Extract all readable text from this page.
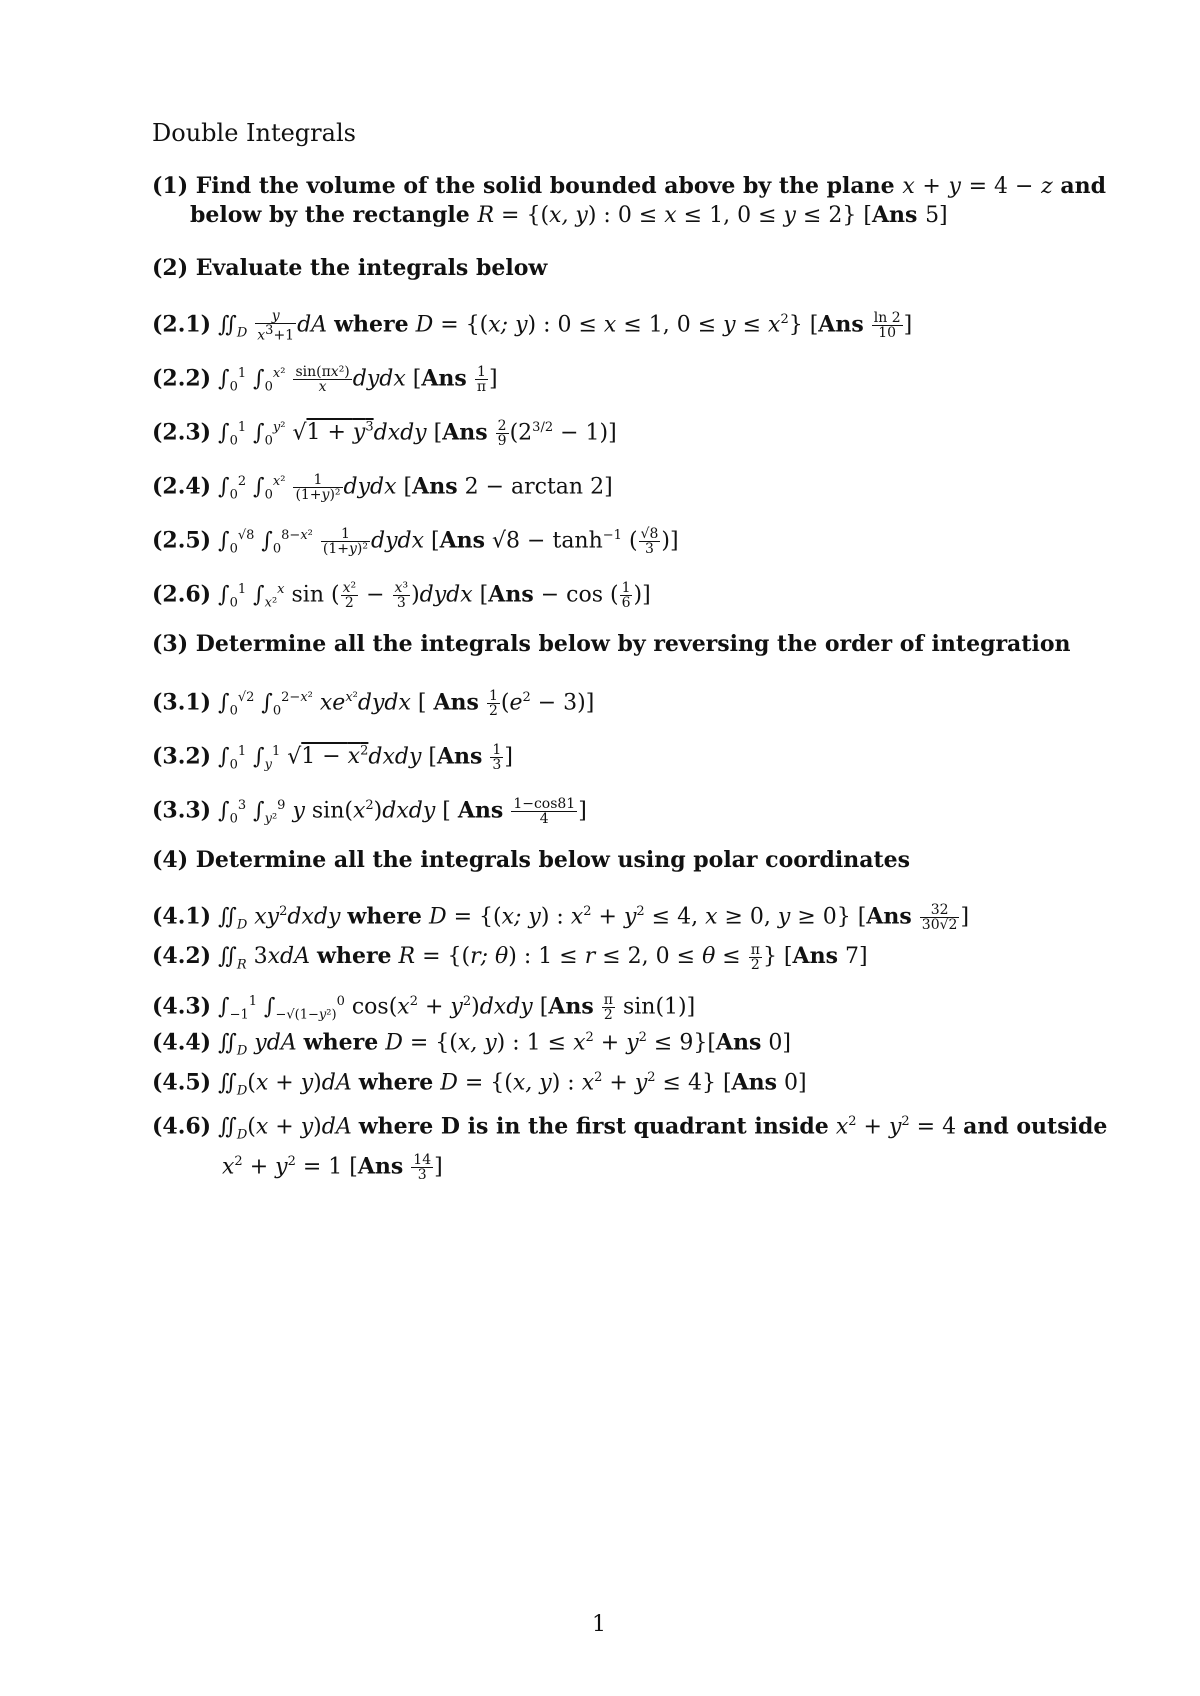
Double Integrals
(1) Find the volume of the solid bounded above by the plane x + y = 4 − z and
below by the rectangle R = {(x, y) : 0 ≤ x ≤ 1, 0 ≤ y ≤ 2} [Ans 5]
(2) Evaluate the integrals below
(2.1) $∬_D \frac{y}{x^3+1}$ dA where D = {(x; y) : 0 ≤ x ≤ 1, $0 \le y \le x^2$} [$Ans \frac{\ln 2}{10}$ ]
(2.2) $\int_0^1$ $\int_0^{x^2} \frac{\text{sin(πx²)}}{x}$ dydx [$Ans \frac{1}{\pi}$ ]
(2.3) $\int_0^1$ $\int_0^{y^2}$ $√1 + y^3dxdy$ $[Ans \frac{2}{9} (2^{3/2} - 1)]$
(2.4) $\int_0^2$ $\int_0^{x^2} \frac{1}{\text{(1+y)²}}$ dydx [Ans 2 − arctan 2]
(2.5) $\int_0^{√8}$ $\int_0^{8-x^2} \frac{1}{\text{(1+y)²}}$ dydx [Ans $√8 - \tanh^{-1}$ ( $\frac{√8}{3}$ )]
(2.6) $\int_0^1$ $\int_{x^2}^x$ sin ( $\frac{\text{x²}}{2} - \frac{\text{x³}}{3}$ )dydx [Ans − cos ( $\frac{1}{6}$ )]
(3) Determine all the integrals below by reversing the order of integration
(3.1) $\int_0^{√2}$ $\int_0^{2-x^2}$ $xe^{x^2}dydx$ [ Ans $\frac{1}{2} (e^2 - 3)$]
(3.2) $\int_0^1$ $\int_y^1$ $√1 - x^2dxdy$ [$Ans \frac{1}{3}$ ]
(3.3) $\int_0^3$ $\int_{y^2}^9$ y $\sin(x^2)dxdy$ [ Ans $\frac{1-\cos 81}{4}$ ]
(4) Determine all the integrals below using polar coordinates
(4.1) $∬_D$ $xy^2dxdy$ where D = {(x; y) : $x^2 + y^2 \le 4$, x ≥ 0, y ≥ 0} [$Ans \frac{32}{30√2}$ ]
(4.2) $∬_R$ 3xdA where R = {(r; θ) : 1 ≤ r ≤ 2, $0 \le \theta \le \frac{\pi}{2}$ } [Ans 7]
(4.3) $\int_{-1}^1$ $\int_{-√(1-y^2)}^0$ $\cos(x^2$ + $y^2)dxdy$ $[Ans \frac{\pi}{2} \sin(1)]$
(4.4) $∬_D$ ydA where D = {(x, y) : $1 \le x^2 + y^2 \le 9\}[Ans$ 0]
(4.5) $∬_D(x + y)dA$ where D = {(x, y) : $x^2 + y^2 \le 4$} [Ans 0]
(4.6) $∬_D(x + y)dA$ where D is in the first quadrant inside $x^2 + y^2 = 4$ and outside
$x^2 + y^2 = 1$ [$Ans \frac{14}{3}$ ]
1
